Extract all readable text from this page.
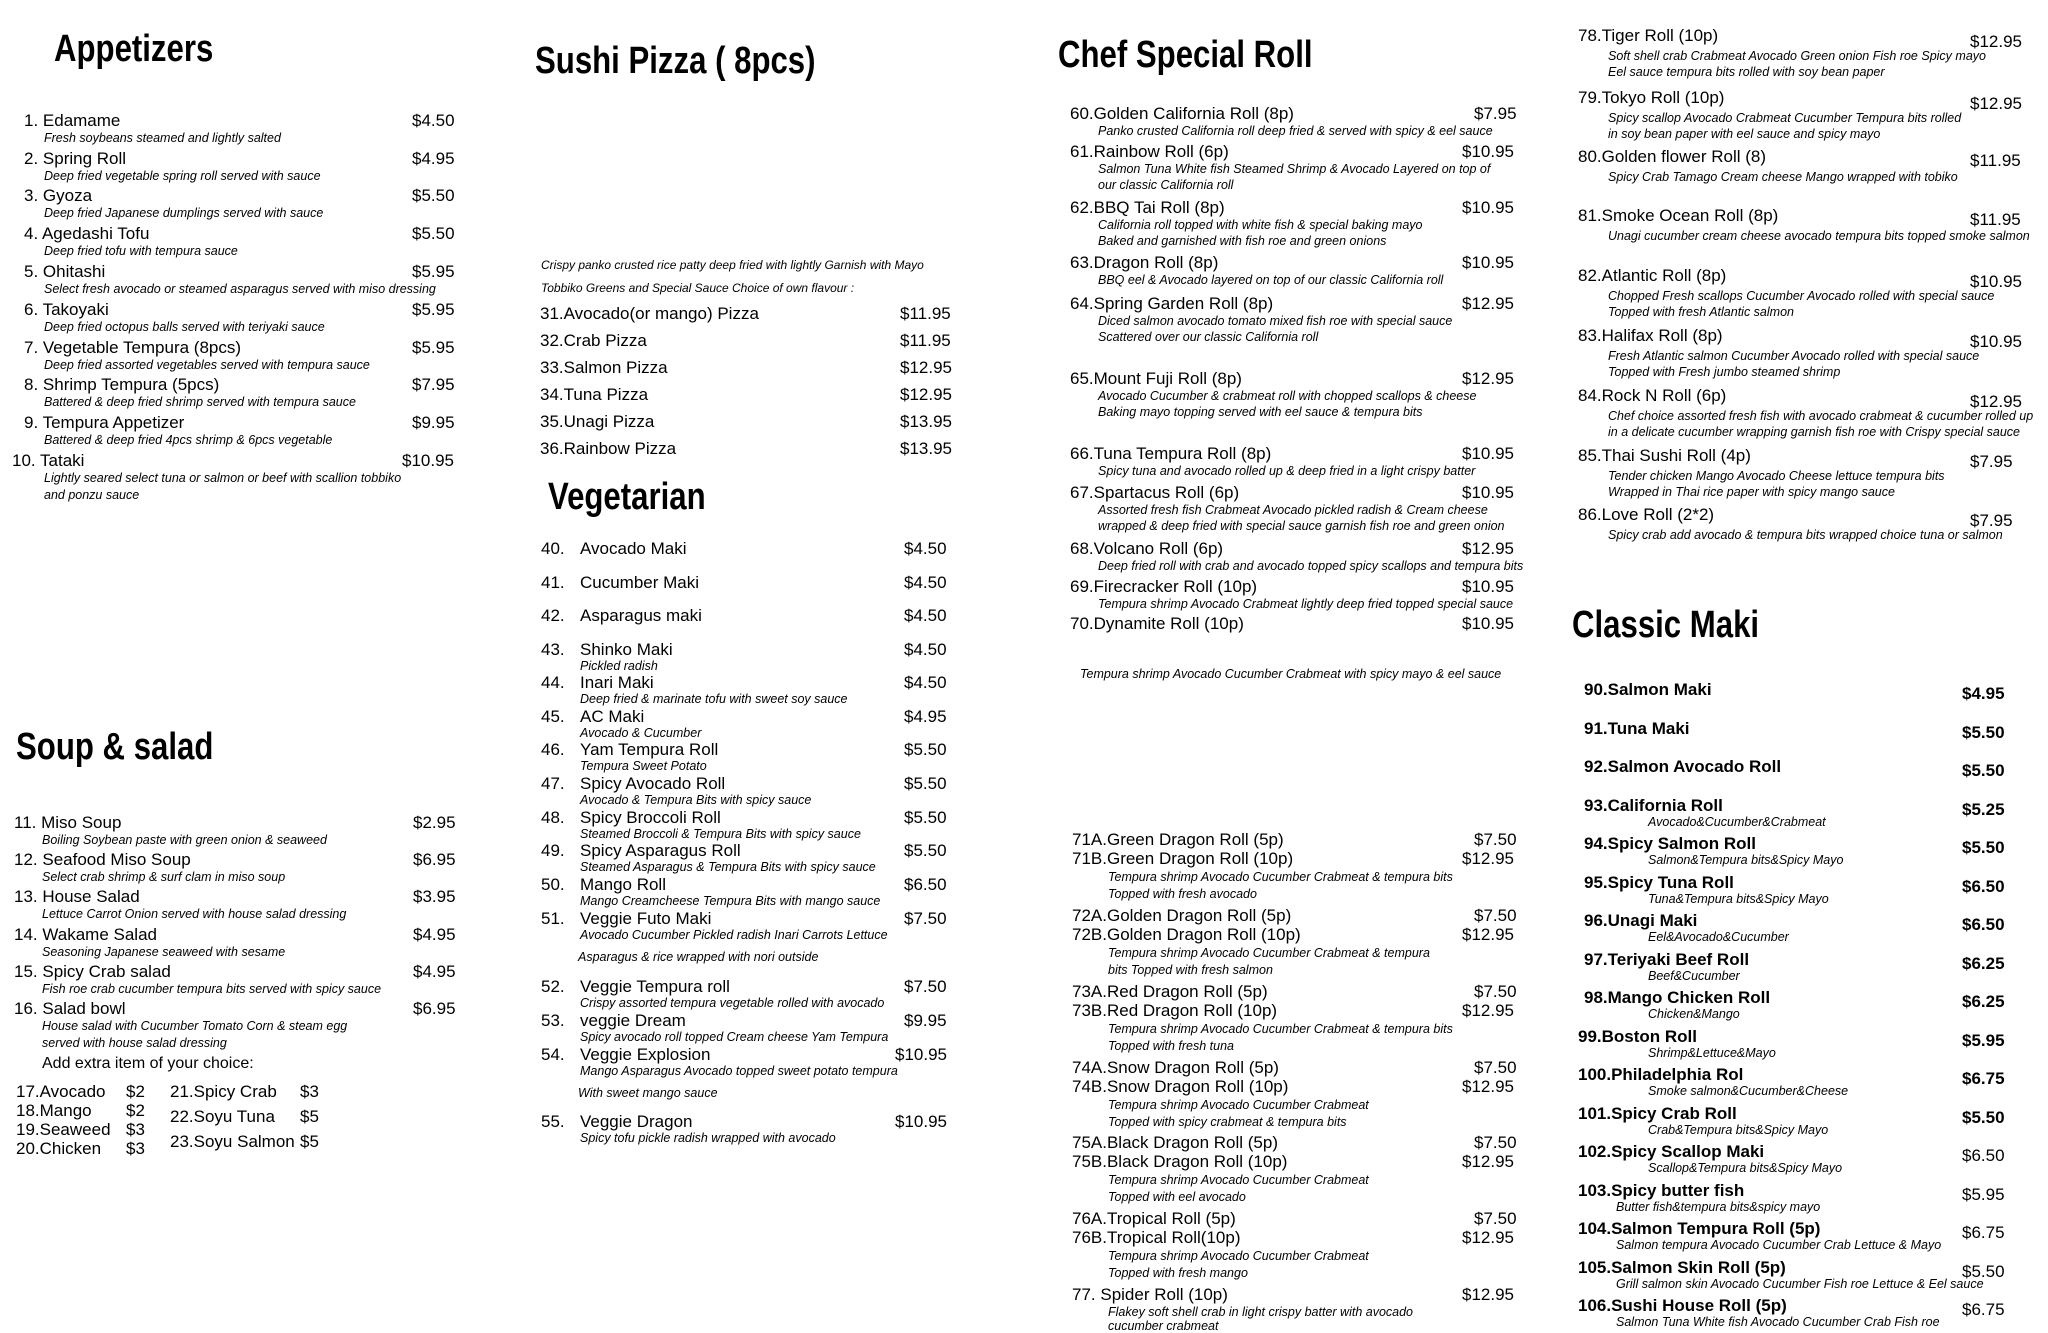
Appetizers
1. Edamame	$4.50
Fresh soybeans steamed and lightly salted
2. Spring Roll	$4.95
Deep fried vegetable spring roll served with sauce
3. Gyoza	$5.50
Deep fried Japanese dumplings served with sauce
4. Agedashi Tofu	$5.50
Deep fried tofu with tempura sauce
5. Ohitashi	$5.95
Select fresh avocado or steamed asparagus served with miso dressing
6. Takoyaki	$5.95
Deep fried octopus balls served with teriyaki sauce
7. Vegetable Tempura (8pcs)	$5.95
Deep fried assorted vegetables served with tempura sauce
8. Shrimp Tempura (5pcs)	$7.95
Battered & deep fried shrimp served with tempura sauce
9. Tempura Appetizer	$9.95
Battered & deep fried 4pcs shrimp & 6pcs vegetable
10. Tataki	$10.95
Lightly seared select tuna or salmon or beef with scallion tobbiko
and ponzu sauce
Soup & salad
11. Miso Soup	$2.95
Boiling Soybean paste with green onion & seaweed
12. Seafood Miso Soup	$6.95
Select crab shrimp & surf clam in miso soup
13. House Salad	$3.95
Lettuce Carrot Onion served with house salad dressing
14. Wakame Salad	$4.95
Seasoning Japanese seaweed with sesame
15. Spicy Crab salad	$4.95
Fish roe crab cucumber tempura bits served with spicy sauce
16. Salad bowl	$6.95
House salad with Cucumber Tomato Corn & steam egg
served with house salad dressing
Add extra item of your choice:
17.Avocado $2
18.Mango $2
19.Seaweed $3
20.Chicken $3
21.Spicy Crab $3
22.Soyu Tuna $5
23.Soyu Salmon $5
Sushi Pizza ( 8pcs)
Crispy panko crusted rice patty deep fried with lightly Garnish with Mayo
Tobbiko Greens and Special Sauce Choice of own flavour :
31.Avocado(or mango) Pizza	$11.95
32.Crab Pizza	$11.95
33.Salmon Pizza	$12.95
34.Tuna Pizza	$12.95
35.Unagi Pizza	$13.95
36.Rainbow Pizza	$13.95
Vegetarian
40. Avocado Maki	$4.50
41. Cucumber Maki	$4.50
42. Asparagus maki	$4.50
43. Shinko Maki	$4.50
Pickled radish
44. Inari Maki	$4.50
Deep fried & marinate tofu with sweet soy sauce
45. AC Maki	$4.95
Avocado & Cucumber
46. Yam Tempura Roll	$5.50
Tempura Sweet Potato
47. Spicy Avocado Roll	$5.50
Avocado & Tempura Bits with spicy sauce
48. Spicy Broccoli Roll	$5.50
Steamed Broccoli & Tempura Bits with spicy sauce
49. Spicy Asparagus Roll	$5.50
Steamed Asparagus & Tempura Bits with spicy sauce
50. Mango Roll	$6.50
Mango Creamcheese Tempura Bits with mango sauce
51. Veggie Futo Maki	$7.50
Avocado Cucumber Pickled radish Inari Carrots Lettuce
Asparagus & rice wrapped with nori outside
52. Veggie Tempura roll	$7.50
Crispy assorted tempura vegetable rolled with avocado
53. veggie Dream	$9.95
Spicy avocado roll topped Cream cheese Yam Tempura
54. Veggie Explosion	$10.95
Mango Asparagus Avocado topped sweet potato tempura
With sweet mango sauce
55. Veggie Dragon	$10.95
Spicy tofu pickle radish wrapped with avocado
Chef Special Roll
60.Golden California Roll (8p)	$7.95
Panko crusted California roll deep fried & served with spicy & eel sauce
61.Rainbow Roll (6p)	$10.95
Salmon Tuna White fish Steamed Shrimp & Avocado Layered on top of
our classic California roll
62.BBQ Tai Roll (8p)	$10.95
California roll topped with white fish & special baking mayo
Baked and garnished with fish roe and green onions
63.Dragon Roll (8p)	$10.95
BBQ eel & Avocado layered on top of our classic California roll
64.Spring Garden Roll (8p)	$12.95
Diced salmon avocado tomato mixed fish roe with special sauce
Scattered over our classic California roll
65.Mount Fuji Roll (8p)	$12.95
Avocado Cucumber & crabmeat roll with chopped scallops & cheese
Baking mayo topping served with eel sauce & tempura bits
66.Tuna Tempura Roll (8p)	$10.95
Spicy tuna and avocado rolled up & deep fried in a light crispy batter
67.Spartacus Roll (6p)	$10.95
Assorted fresh fish Crabmeat Avocado pickled radish & Cream cheese
wrapped & deep fried with special sauce garnish fish roe and green onion
68.Volcano Roll (6p)	$12.95
Deep fried roll with crab and avocado topped spicy scallops and tempura bits
69.Firecracker Roll (10p)	$10.95
Tempura shrimp Avocado Crabmeat lightly deep fried topped special sauce
70.Dynamite Roll (10p)	$10.95
Tempura shrimp Avocado Cucumber Crabmeat with spicy mayo & eel sauce
71A.Green Dragon Roll (5p)	$7.50
71B.Green Dragon Roll (10p)	$12.95
Tempura shrimp Avocado Cucumber Crabmeat & tempura bits
Topped with fresh avocado
72A.Golden Dragon Roll (5p)	$7.50
72B.Golden Dragon Roll (10p)	$12.95
Tempura shrimp Avocado Cucumber Crabmeat & tempura
bits Topped with fresh salmon
73A.Red Dragon Roll (5p)	$7.50
73B.Red Dragon Roll (10p)	$12.95
Tempura shrimp Avocado Cucumber Crabmeat & tempura bits
Topped with fresh tuna
74A.Snow Dragon Roll (5p)	$7.50
74B.Snow Dragon Roll (10p)	$12.95
Tempura shrimp Avocado Cucumber Crabmeat
Topped with spicy crabmeat & tempura bits
75A.Black Dragon Roll (5p)	$7.50
75B.Black Dragon Roll (10p)	$12.95
Tempura shrimp Avocado Cucumber Crabmeat
Topped with eel avocado
76A.Tropical Roll (5p)	$7.50
76B.Tropical Roll(10p)	$12.95
Tempura shrimp Avocado Cucumber Crabmeat
Topped with fresh mango
77. Spider Roll (10p)	$12.95
Flakey soft shell crab in light crispy batter with avocado
cucumber crabmeat
78.Tiger Roll (10p)	$12.95
Soft shell crab Crabmeat Avocado Green onion Fish roe Spicy mayo
Eel sauce tempura bits rolled with soy bean paper
79.Tokyo Roll (10p)	$12.95
Spicy scallop Avocado Crabmeat Cucumber Tempura bits rolled
in soy bean paper with eel sauce and spicy mayo
80.Golden flower Roll (8)	$11.95
Spicy Crab Tamago Cream cheese Mango wrapped with tobiko
81.Smoke Ocean Roll (8p)	$11.95
Unagi cucumber cream cheese avocado tempura bits topped smoke salmon
82.Atlantic Roll (8p)	$10.95
Chopped Fresh scallops Cucumber Avocado rolled with special sauce
Topped with fresh Atlantic salmon
83.Halifax Roll (8p)	$10.95
Fresh Atlantic salmon Cucumber Avocado rolled with special sauce
Topped with Fresh jumbo steamed shrimp
84.Rock N Roll (6p)	$12.95
Chef choice assorted fresh fish with avocado crabmeat & cucumber rolled up
in a delicate cucumber wrapping garnish fish roe with Crispy special sauce
85.Thai Sushi Roll (4p)	$7.95
Tender chicken Mango Avocado Cheese lettuce tempura bits
Wrapped in Thai rice paper with spicy mango sauce
86.Love Roll (2*2)	$7.95
Spicy crab add avocado & tempura bits wrapped choice tuna or salmon
Classic Maki
90.Salmon Maki	$4.95
91.Tuna Maki	$5.50
92.Salmon Avocado Roll	$5.50
93.California Roll	$5.25
Avocado&Cucumber&Crabmeat
94.Spicy Salmon Roll	$5.50
Salmon&Tempura bits&Spicy Mayo
95.Spicy Tuna Roll	$6.50
Tuna&Tempura bits&Spicy Mayo
96.Unagi Maki	$6.50
Eel&Avocado&Cucumber
97.Teriyaki Beef Roll	$6.25
Beef&Cucumber
98.Mango Chicken Roll	$6.25
Chicken&Mango
99.Boston Roll	$5.95
Shrimp&Lettuce&Mayo
100.Philadelphia Rol	$6.75
Smoke salmon&Cucumber&Cheese
101.Spicy Crab Roll	$5.50
Crab&Tempura bits&Spicy Mayo
102.Spicy Scallop Maki	$6.50
Scallop&Tempura bits&Spicy Mayo
103.Spicy butter fish	$5.95
Butter fish&tempura bits&spicy mayo
104.Salmon Tempura Roll (5p)	$6.75
Salmon tempura Avocado Cucumber Crab Lettuce & Mayo
105.Salmon Skin Roll (5p)	$5.50
Grill salmon skin Avocado Cucumber Fish roe Lettuce & Eel sauce
106.Sushi House Roll (5p)	$6.75
Salmon Tuna White fish Avocado Cucumber Crab Fish roe
